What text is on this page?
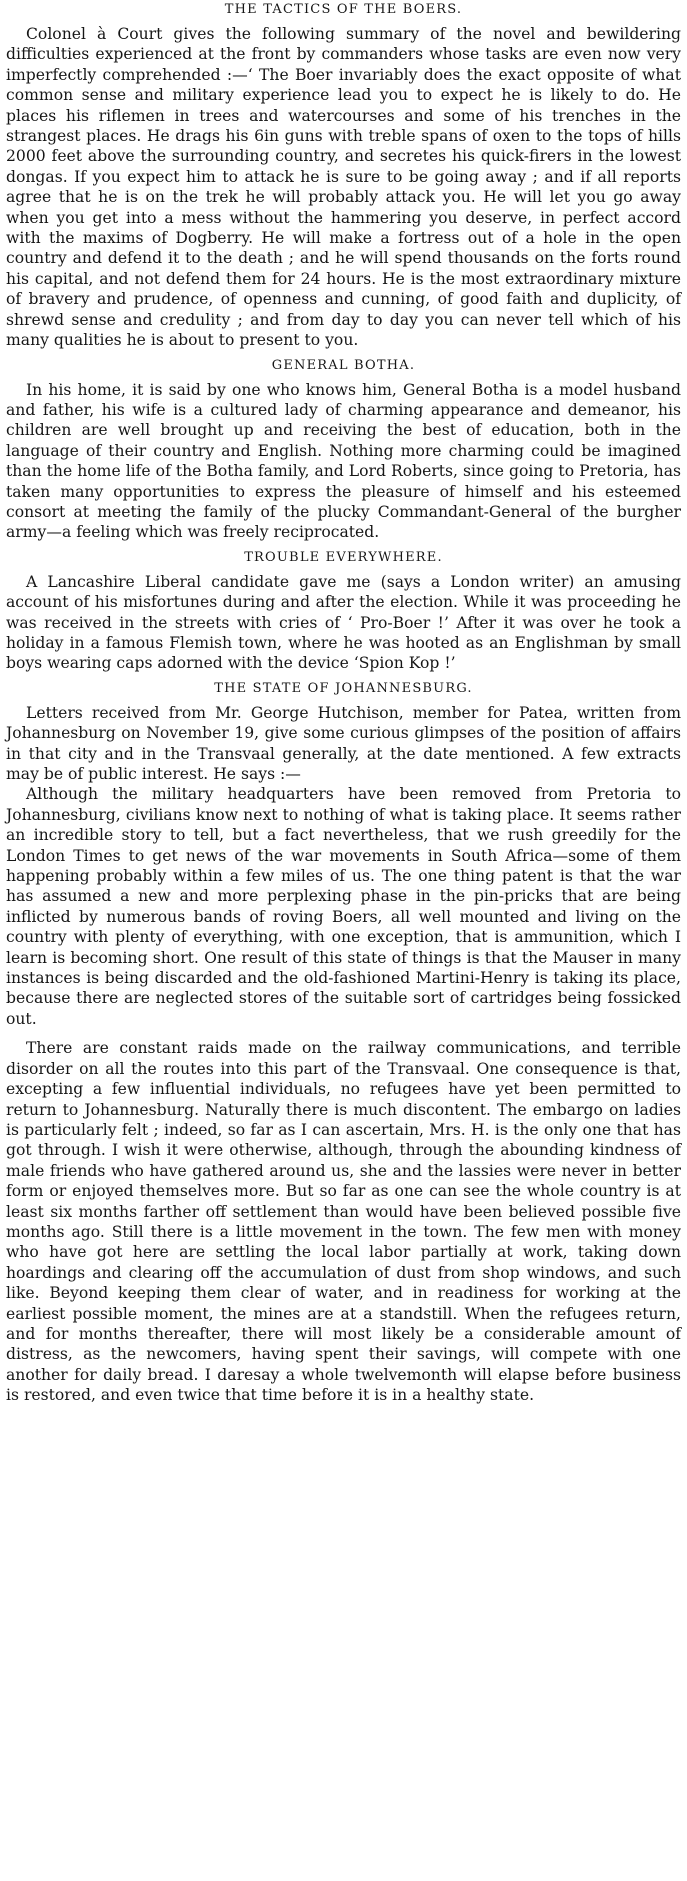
THE TACTICS OF THE BOERS.

Colonel à Court gives the following summary of the novel and bewildering difficulties experienced at the front by commanders whose tasks are even now very imperfectly comprehended :—‘ The Boer invariably does the exact opposite of what common sense and military experience lead you to expect he is likely to do. He places his riflemen in trees and watercourses and some of his trenches in the strangest places. He drags his 6in guns with treble spans of oxen to the tops of hills 2000 feet above the surrounding country, and secretes his quick-firers in the lowest dongas. If you expect him to attack he is sure to be going away ; and if all reports agree that he is on the trek he will probably attack you. He will let you go away when you get into a mess without the hammering you deserve, in perfect accord with the maxims of Dogberry. He will make a fortress out of a hole in the open country and defend it to the death ; and he will spend thousands on the forts round his capital, and not defend them for 24 hours. He is the most extraordinary mixture of bravery and prudence, of openness and cunning, of good faith and duplicity, of shrewd sense and credulity ; and from day to day you can never tell which of his many qualities he is about to present to you.

GENERAL BOTHA.

In his home, it is said by one who knows him, General Botha is a model husband and father, his wife is a cultured lady of charming appearance and demeanor, his children are well brought up and receiving the best of education, both in the language of their country and English. Nothing more charming could be imagined than the home life of the Botha family, and Lord Roberts, since going to Pretoria, has taken many opportunities to express the pleasure of himself and his esteemed consort at meeting the family of the plucky Commandant-General of the burgher army—a feeling which was freely reciprocated.

TROUBLE EVERYWHERE.

A Lancashire Liberal candidate gave me (says a London writer) an amusing account of his misfortunes during and after the election. While it was proceeding he was received in the streets with cries of ‘ Pro-Boer !’ After it was over he took a holiday in a famous Flemish town, where he was hooted as an Englishman by small boys wearing caps adorned with the device ‘Spion Kop !’

THE STATE OF JOHANNESBURG.

Letters received from Mr. George Hutchison, member for Patea, written from Johannesburg on November 19, give some curious glimpses of the position of affairs in that city and in the Transvaal generally, at the date mentioned. A few extracts may be of public interest. He says :—

Although the military headquarters have been removed from Pretoria to Johannesburg, civilians know next to nothing of what is taking place. It seems rather an incredible story to tell, but a fact nevertheless, that we rush greedily for the London Times to get news of the war movements in South Africa—some of them happening probably within a few miles of us. The one thing patent is that the war has assumed a new and more perplexing phase in the pin-pricks that are being inflicted by numerous bands of roving Boers, all well mounted and living on the country with plenty of everything, with one exception, that is ammunition, which I learn is becoming short. One result of this state of things is that the Mauser in many instances is being discarded and the old-fashioned Martini-Henry is taking its place, because there are neglected stores of the suitable sort of cartridges being fossicked out.

There are constant raids made on the railway communications, and terrible disorder on all the routes into this part of the Transvaal. One consequence is that, excepting a few influential individuals, no refugees have yet been permitted to return to Johannesburg. Naturally there is much discontent. The embargo on ladies is particularly felt ; indeed, so far as I can ascertain, Mrs. H. is the only one that has got through. I wish it were otherwise, although, through the abounding kindness of male friends who have gathered around us, she and the lassies were never in better form or enjoyed themselves more. But so far as one can see the whole country is at least six months farther off settlement than would have been believed possible five months ago. Still there is a little movement in the town. The few men with money who have got here are settling the local labor partially at work, taking down hoardings and clearing off the accumulation of dust from shop windows, and such like. Beyond keeping them clear of water, and in readiness for working at the earliest possible moment, the mines are at a standstill. When the refugees return, and for months thereafter, there will most likely be a considerable amount of distress, as the newcomers, having spent their savings, will compete with one another for daily bread. I daresay a whole twelvemonth will elapse before business is restored, and even twice that time before it is in a healthy state.
